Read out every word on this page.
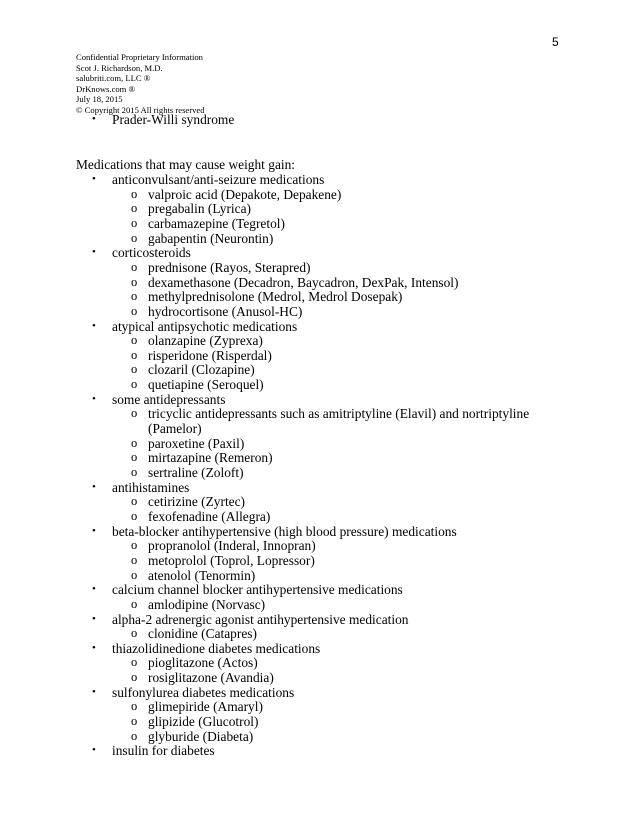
5
Confidential Proprietary Information
Scot J. Richardson, M.D.
salubriti.com, LLC ®
DrKnows.com ®
July 18, 2015
© Copyright 2015 All rights reserved
• Prader-Willi syndrome
Medications that may cause weight gain:
• anticonvulsant/anti-seizure medications
o valproic acid (Depakote, Depakene)
o pregabalin (Lyrica)
o carbamazepine (Tegretol)
o gabapentin (Neurontin)
• corticosteroids
o prednisone (Rayos, Sterapred)
o dexamethasone (Decadron, Baycadron, DexPak, Intensol)
o methylprednisolone (Medrol, Medrol Dosepak)
o hydrocortisone (Anusol-HC)
• atypical antipsychotic medications
o olanzapine (Zyprexa)
o risperidone (Risperdal)
o clozaril (Clozapine)
o quetiapine (Seroquel)
• some antidepressants
o tricyclic antidepressants such as amitriptyline (Elavil) and nortriptyline
(Pamelor)
o paroxetine (Paxil)
o mirtazapine (Remeron)
o sertraline (Zoloft)
• antihistamines
o cetirizine (Zyrtec)
o fexofenadine (Allegra)
• beta-blocker antihypertensive (high blood pressure) medications
o propranolol (Inderal, Innopran)
o metoprolol (Toprol, Lopressor)
o atenolol (Tenormin)
• calcium channel blocker antihypertensive medications
o amlodipine (Norvasc)
• alpha-2 adrenergic agonist antihypertensive medication
o clonidine (Catapres)
• thiazolidinedione diabetes medications
o pioglitazone (Actos)
o rosiglitazone (Avandia)
• sulfonylurea diabetes medications
o glimepiride (Amaryl)
o glipizide (Glucotrol)
o glyburide (Diabeta)
• insulin for diabetes
